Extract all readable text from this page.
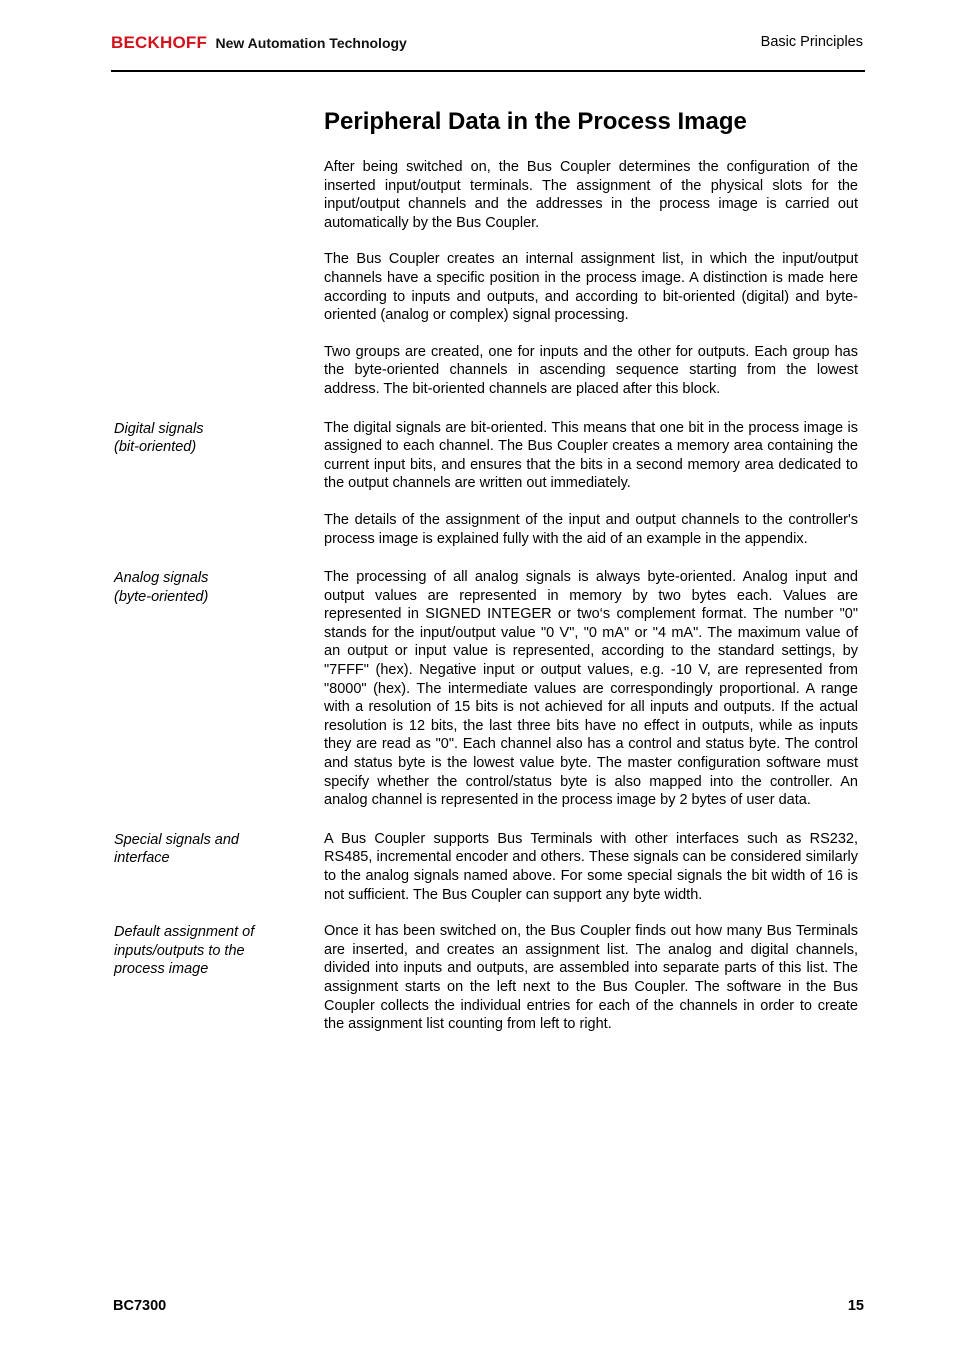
BECKHOFF New Automation Technology	Basic Principles
Peripheral Data in the Process Image

After being switched on, the Bus Coupler determines the configuration of the inserted input/output terminals. The assignment of the physical slots for the input/output channels and the addresses in the process image is carried out automatically by the Bus Coupler.

The Bus Coupler creates an internal assignment list, in which the input/output channels have a specific position in the process image. A distinction is made here according to inputs and outputs, and according to bit-oriented (digital) and byte-oriented (analog or complex) signal processing.

Two groups are created, one for inputs and the other for outputs. Each group has the byte-oriented channels in ascending sequence starting from the lowest address. The bit-oriented channels are placed after this block.

Digital signals
(bit-oriented)

The digital signals are bit-oriented. This means that one bit in the process image is assigned to each channel. The Bus Coupler creates a memory area containing the current input bits, and ensures that the bits in a second memory area dedicated to the output channels are written out immediately.

The details of the assignment of the input and output channels to the controller's process image is explained fully with the aid of an example in the appendix.

Analog signals
(byte-oriented)

The processing of all analog signals is always byte-oriented. Analog input and output values are represented in memory by two bytes each. Values are represented in SIGNED INTEGER or two‘s complement format. The number "0" stands for the input/output value "0 V", "0 mA" or "4 mA". The maximum value of an output or input value is represented, according to the standard settings, by "7FFF" (hex). Negative input or output values, e.g. -10 V, are represented from "8000" (hex). The intermediate values are correspondingly proportional. A range with a resolution of 15 bits is not achieved for all inputs and outputs. If the actual resolution is 12 bits, the last three bits have no effect in outputs, while as inputs they are read as "0". Each channel also has a control and status byte. The control and status byte is the lowest value byte. The master configuration software must specify whether the control/status byte is also mapped into the controller. An analog channel is represented in the process image by 2 bytes of user data.

Special signals and
interface

A Bus Coupler supports Bus Terminals with other interfaces such as RS232, RS485, incremental encoder and others. These signals can be considered similarly to the analog signals named above. For some special signals the bit width of 16 is not sufficient. The Bus Coupler can support any byte width.

Default assignment of
inputs/outputs to the
process image

Once it has been switched on, the Bus Coupler finds out how many Bus Terminals are inserted, and creates an assignment list. The analog and digital channels, divided into inputs and outputs, are assembled into separate parts of this list. The assignment starts on the left next to the Bus Coupler. The software in the Bus Coupler collects the individual entries for each of the channels in order to create the assignment list counting from left to right.

BC7300	15
